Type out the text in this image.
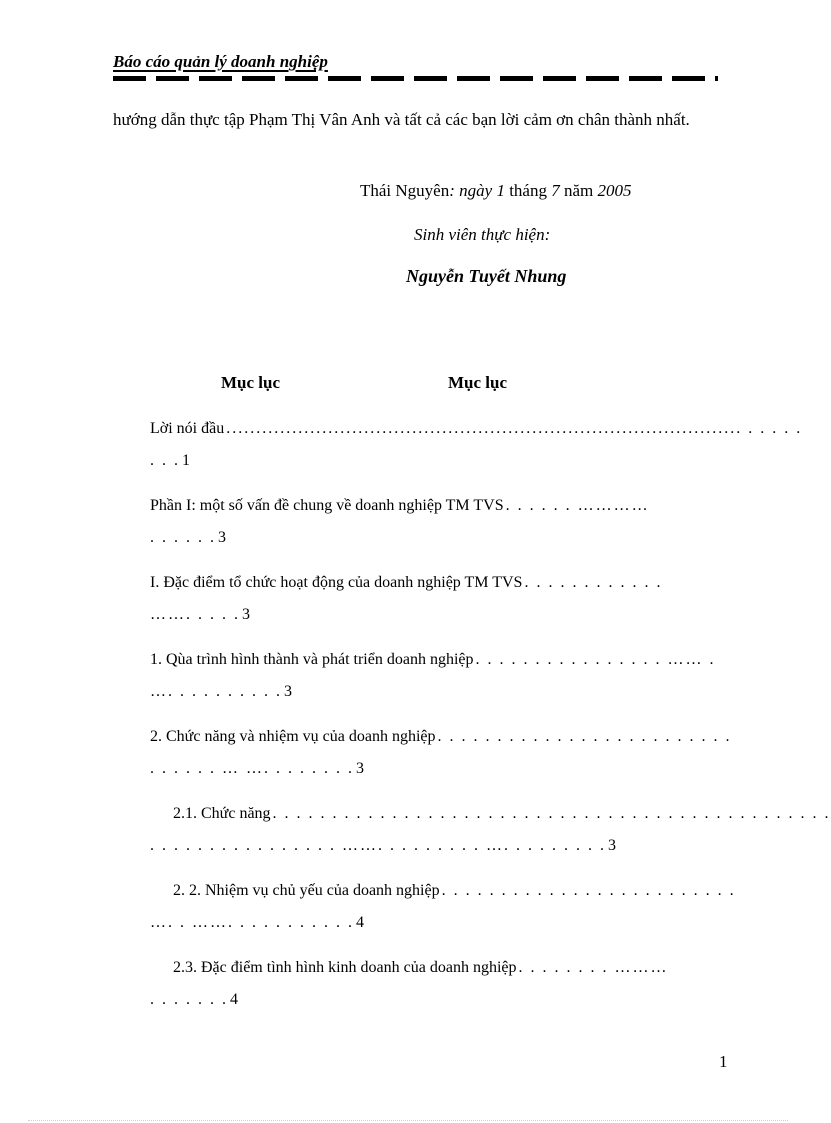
Báo cáo quản lý doanh nghiệp
hướng dẫn thực tập Phạm Thị Vân Anh và tất cả các bạn lời cảm ơn chân thành nhất.
Thái Nguyên: ngày 1 tháng 7 năm 2005
Sinh viên thực hiện:
Nguyễn Tuyết Nhung
Mục lục	Mục lục
Lời nói đầu ...................................................................................... . . . . .
. . . 1
Phần I: một số vấn đề chung về doanh nghiệp TM TVS . . . . . . …………
. . . . . . 3
I. Đặc điểm tổ chức hoạt động của doanh nghiệp TM TVS . . . . . . . . . . . .
……. . . . . 3
1. Qùa trình hình thành và phát triển doanh nghiệp . . . . . . . . . . . . . . . . …… .
…. . . . . . . . . . 3
2. Chức năng và nhiệm vụ của doanh nghiệp . . . . . . . . . . . . . . . . . . . . . . . . .
. . . . . . … …. . . . . . . . 3
2.1. Chức năng . . . . . . . . . . . . . . . . . . . . . . . . . . . . . . . . . . . . . . . . . . . . . . .
. . . . . . . . . . . . . . . . ……. . . . . . . . . …. . . . . . . . . 3
2. 2. Nhiệm vụ chủ yếu của doanh nghiệp . . . . . . . . . . . . . . . . . . . . . . . . .
…. . ……. . . . . . . . . . . 4
2.3. Đặc điểm tình hình kinh doanh của doanh nghiệp . . . . . . . . ………
. . . . . . . 4
1
